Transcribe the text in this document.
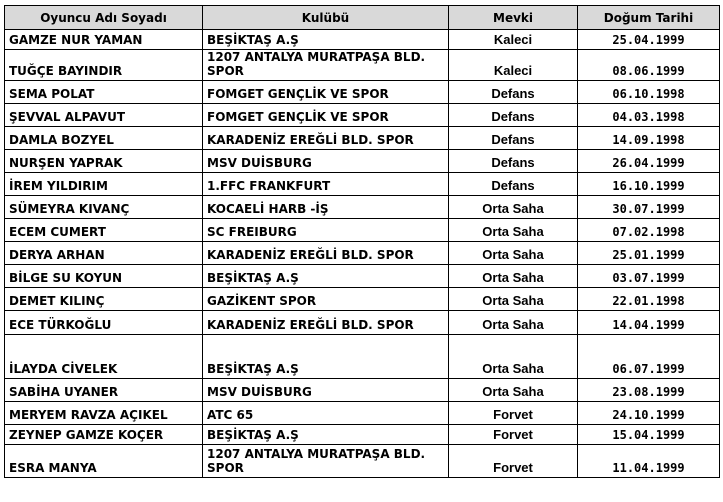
Oyuncu Adı Soyadı	Kulübü	Mevki	Doğum Tarihi
GAMZE NUR YAMAN	BEŞİKTAŞ A.Ş	Kaleci	25.04.1999
TUĞÇE BAYINDIR	1207 ANTALYA MURATPAŞA BLD. SPOR	Kaleci	08.06.1999
SEMA POLAT	FOMGET GENÇLİK VE SPOR	Defans	06.10.1998
ŞEVVAL ALPAVUT	FOMGET GENÇLİK VE SPOR	Defans	04.03.1998
DAMLA BOZYEL	KARADENİZ EREĞLİ BLD. SPOR	Defans	14.09.1998
NURŞEN YAPRAK	MSV DUİSBURG	Defans	26.04.1999
İREM YILDIRIM	1.FFC FRANKFURT	Defans	16.10.1999
SÜMEYRA KIVANÇ	KOCAELİ HARB -İŞ	Orta Saha	30.07.1999
ECEM CUMERT	SC FREIBURG	Orta Saha	07.02.1998
DERYA ARHAN	KARADENİZ EREĞLİ BLD. SPOR	Orta Saha	25.01.1999
BİLGE SU KOYUN	BEŞİKTAŞ A.Ş	Orta Saha	03.07.1999
DEMET KILINÇ	GAZİKENT SPOR	Orta Saha	22.01.1998
ECE TÜRKOĞLU	KARADENİZ EREĞLİ BLD. SPOR	Orta Saha	14.04.1999
İLAYDA CİVELEK	BEŞİKTAŞ A.Ş	Orta Saha	06.07.1999
SABİHA UYANER	MSV DUİSBURG	Orta Saha	23.08.1999
MERYEM RAVZA AÇIKEL	ATC 65	Forvet	24.10.1999
ZEYNEP GAMZE KOÇER	BEŞİKTAŞ A.Ş	Forvet	15.04.1999
ESRA MANYA	1207 ANTALYA MURATPAŞA BLD. SPOR	Forvet	11.04.1999
